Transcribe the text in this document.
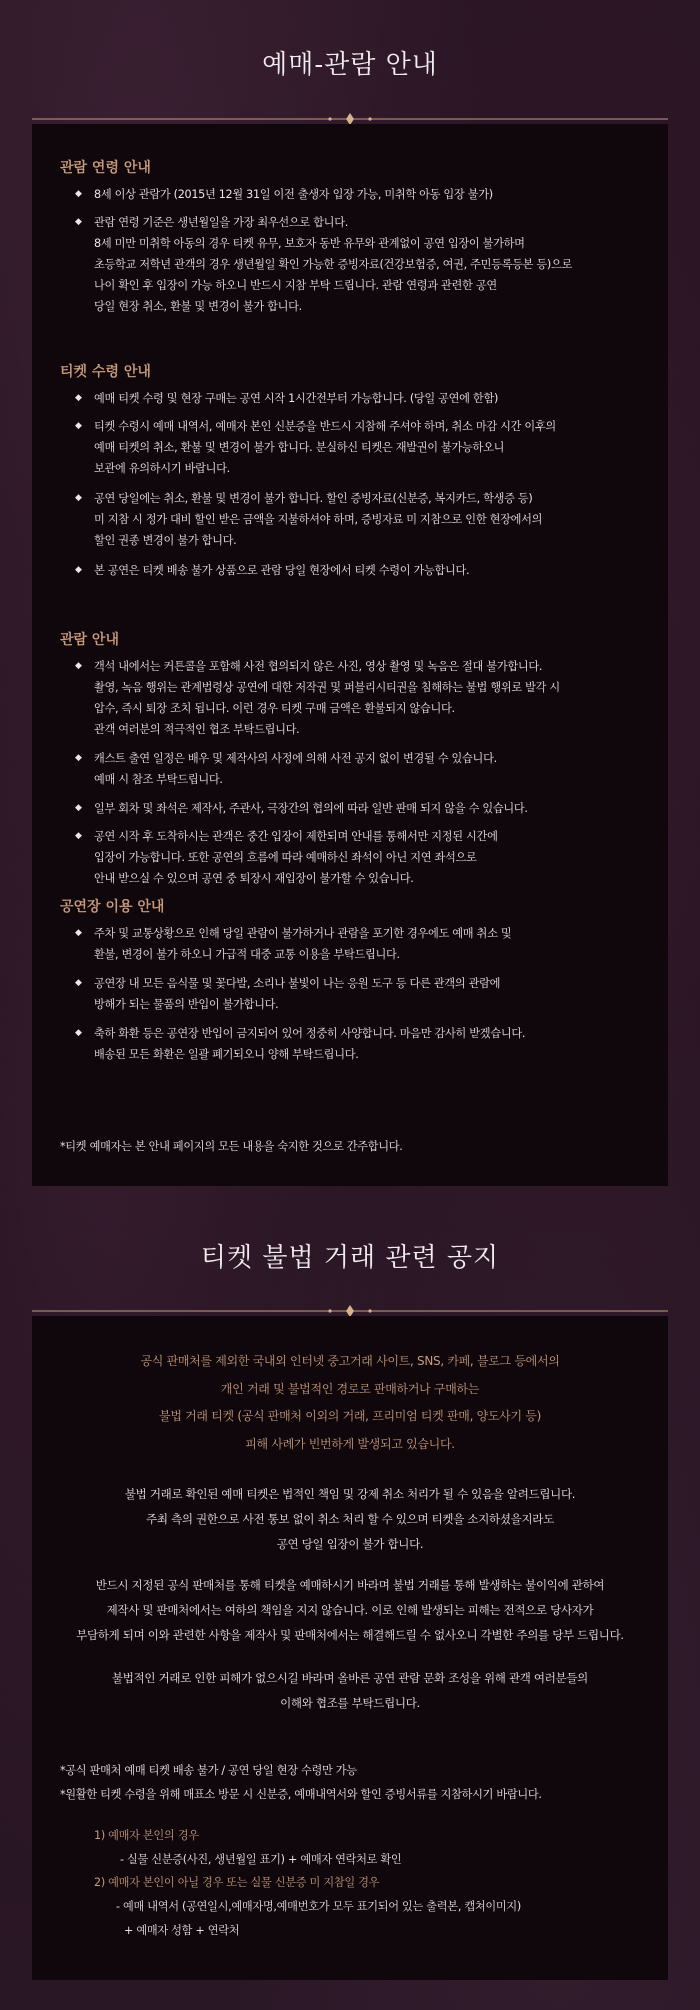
예매-관람 안내
관람 연령 안내
◆ 8세 이상 관람가 (2015년 12월 31일 이전 출생자 입장 가능, 미취학 아동 입장 불가)

◆ 관람 연령 기준은 생년월일을 가장 최우선으로 합니다.

8세 미만 미취학 아동의 경우 티켓 유무, 보호자 동반 유무와 관계없이 공연 입장이 불가하며

초등학교 저학년 관객의 경우 생년월일 확인 가능한 증빙자료(건강보험증, 여권, 주민등록등본 등)으로

나이 확인 후 입장이 가능 하오니 반드시 지참 부탁 드립니다. 관람 연령과 관련한 공연

당일 현장 취소, 환불 및 변경이 불가 합니다.

티켓 수령 안내
◆ 예매 티켓 수령 및 현장 구매는 공연 시작 1시간전부터 가능합니다. (당일 공연에 한함)

◆ 티켓 수령시 예매 내역서, 예매자 본인 신분증을 반드시 지참해 주셔야 하며, 취소 마감 시간 이후의

예매 티켓의 취소, 환불 및 변경이 불가 합니다. 분실하신 티켓은 재발권이 불가능하오니

보관에 유의하시기 바랍니다.

◆ 공연 당일에는 취소, 환불 및 변경이 불가 합니다. 할인 증빙자료(신분증, 복지카드, 학생증 등)

미 지참 시 정가 대비 할인 받은 금액을 지불하셔야 하며, 증빙자료 미 지참으로 인한 현장에서의

할인 권종 변경이 불가 합니다.

◆ 본 공연은 티켓 배송 불가 상품으로 관람 당일 현장에서 티켓 수령이 가능합니다.

관람 안내
◆ 객석 내에서는 커튼콜을 포함해 사전 협의되지 않은 사진, 영상 촬영 및 녹음은 절대 불가합니다.

촬영, 녹음 행위는 관계법령상 공연에 대한 저작권 및 퍼블리시티권을 침해하는 불법 행위로 발각 시

압수, 즉시 퇴장 조치 됩니다. 이런 경우 티켓 구매 금액은 환불되지 않습니다.

관객 여러분의 적극적인 협조 부탁드립니다.

◆ 캐스트 출연 일정은 배우 및 제작사의 사정에 의해 사전 공지 없이 변경될 수 있습니다.

예매 시 참조 부탁드립니다.

◆ 일부 회차 및 좌석은 제작사, 주관사, 극장간의 협의에 따라 일반 판매 되지 않을 수 있습니다.

◆ 공연 시작 후 도착하시는 관객은 중간 입장이 제한되며 안내를 통해서만 지정된 시간에

입장이 가능합니다. 또한 공연의 흐름에 따라 예매하신 좌석이 아닌 지연 좌석으로

안내 받으실 수 있으며 공연 중 퇴장시 재입장이 불가할 수 있습니다.

공연장 이용 안내
◆ 주차 및 교통상황으로 인해 당일 관람이 불가하거나 관람을 포기한 경우에도 예매 취소 및

환불, 변경이 불가 하오니 가급적 대중 교통 이용을 부탁드립니다.

◆ 공연장 내 모든 음식물 및 꽃다발, 소리나 불빛이 나는 응원 도구 등 다른 관객의 관람에

방해가 되는 물품의 반입이 불가합니다.

◆ 축하 화환 등은 공연장 반입이 금지되어 있어 정중히 사양합니다. 마음만 감사히 받겠습니다.

배송된 모든 화환은 일괄 폐기되오니 양해 부탁드립니다.

*티켓 예매자는 본 안내 페이지의 모든 내용을 숙지한 것으로 간주합니다.
티켓 불법 거래 관련 공지

공식 판매처를 제외한 국내외 인터넷 중고거래 사이트, SNS, 카페, 블로그 등에서의

개인 거래 및 불법적인 경로로 판매하거나 구매하는

불법 거래 티켓 (공식 판매처 이외의 거래, 프리미엄 티켓 판매, 양도사기 등)

피해 사례가 빈번하게 발생되고 있습니다.

불법 거래로 확인된 예매 티켓은 법적인 책임 및 강제 취소 처리가 될 수 있음을 알려드립니다.

주최 측의 권한으로 사전 통보 없이 취소 처리 할 수 있으며 티켓을 소지하셨을지라도

공연 당일 입장이 불가 합니다.

반드시 지정된 공식 판매처를 통해 티켓을 예매하시기 바라며 불법 거래를 통해 발생하는 불이익에 관하여

제작사 및 판매처에서는 여하의 책임을 지지 않습니다. 이로 인해 발생되는 피해는 전적으로 당사자가

부담하게 되며 이와 관련한 사항을 제작사 및 판매처에서는 해결해드릴 수 없사오니 각별한 주의를 당부 드립니다.

불법적인 거래로 인한 피해가 없으시길 바라며 올바른 공연 관람 문화 조성을 위해 관객 여러분들의

이해와 협조를 부탁드립니다.

*공식 판매처 예매 티켓 배송 불가 / 공연 당일 현장 수령만 가능
*원활한 티켓 수령을 위해 매표소 방문 시 신분증, 예매내역서와 할인 증빙서류를 지참하시기 바랍니다.
1) 예매자 본인의 경우
- 실물 신분증(사진, 생년월일 표기) + 예매자 연락처로 확인
2) 예매자 본인이 아닐 경우 또는 실물 신분증 미 지참일 경우
- 예매 내역서 (공연일시,예매자명,예매번호가 모두 표기되어 있는 출력본, 캡쳐이미지)
+ 예매자 성함 + 연락처
